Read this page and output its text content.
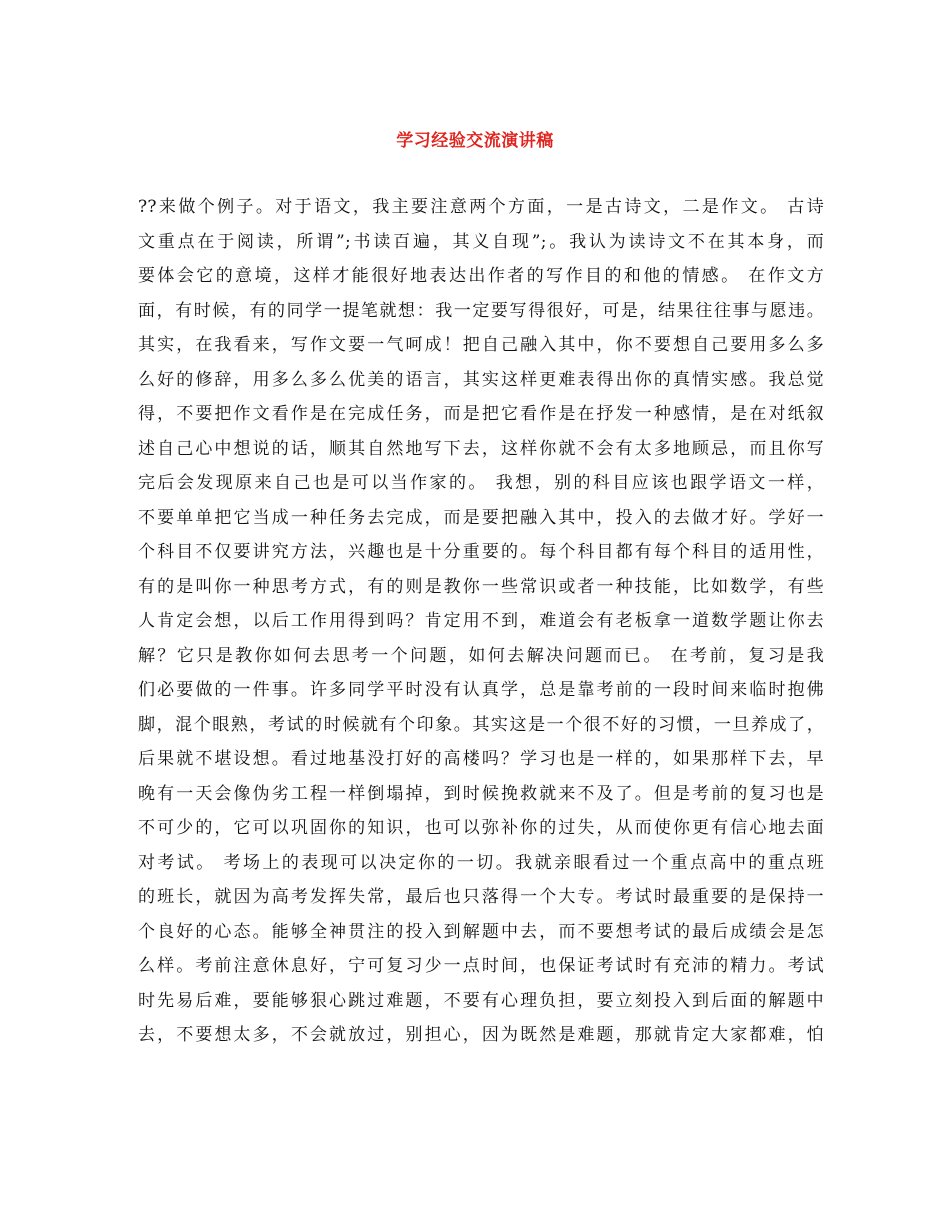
学习经验交流演讲稿
??来做个例子。对于语文，我主要注意两个方面，一是古诗文，二是作文。 古诗
文重点在于阅读，所谓”;书读百遍，其义自现”;。我认为读诗文不在其本身，而
要体会它的意境，这样才能很好地表达出作者的写作目的和他的情感。 在作文方
面，有时候，有的同学一提笔就想：我一定要写得很好，可是，结果往往事与愿违。
其实，在我看来，写作文要一气呵成！把自己融入其中，你不要想自己要用多么多
么好的修辞，用多么多么优美的语言，其实这样更难表得出你的真情实感。我总觉
得，不要把作文看作是在完成任务，而是把它看作是在抒发一种感情，是在对纸叙
述自己心中想说的话，顺其自然地写下去，这样你就不会有太多地顾忌，而且你写
完后会发现原来自己也是可以当作家的。 我想，别的科目应该也跟学语文一样，
不要单单把它当成一种任务去完成，而是要把融入其中，投入的去做才好。学好一
个科目不仅要讲究方法，兴趣也是十分重要的。每个科目都有每个科目的适用性，
有的是叫你一种思考方式，有的则是教你一些常识或者一种技能，比如数学，有些
人肯定会想，以后工作用得到吗？肯定用不到，难道会有老板拿一道数学题让你去
解？它只是教你如何去思考一个问题，如何去解决问题而已。 在考前，复习是我
们必要做的一件事。许多同学平时没有认真学，总是靠考前的一段时间来临时抱佛
脚，混个眼熟，考试的时候就有个印象。其实这是一个很不好的习惯，一旦养成了，
后果就不堪设想。看过地基没打好的高楼吗？学习也是一样的，如果那样下去，早
晚有一天会像伪劣工程一样倒塌掉，到时候挽救就来不及了。但是考前的复习也是
不可少的，它可以巩固你的知识，也可以弥补你的过失，从而使你更有信心地去面
对考试。 考场上的表现可以决定你的一切。我就亲眼看过一个重点高中的重点班
的班长，就因为高考发挥失常，最后也只落得一个大专。考试时最重要的是保持一
个良好的心态。能够全神贯注的投入到解题中去，而不要想考试的最后成绩会是怎
么样。考前注意休息好，宁可复习少一点时间，也保证考试时有充沛的精力。考试
时先易后难，要能够狠心跳过难题，不要有心理负担，要立刻投入到后面的解题中
去，不要想太多，不会就放过，别担心，因为既然是难题，那就肯定大家都难，怕
